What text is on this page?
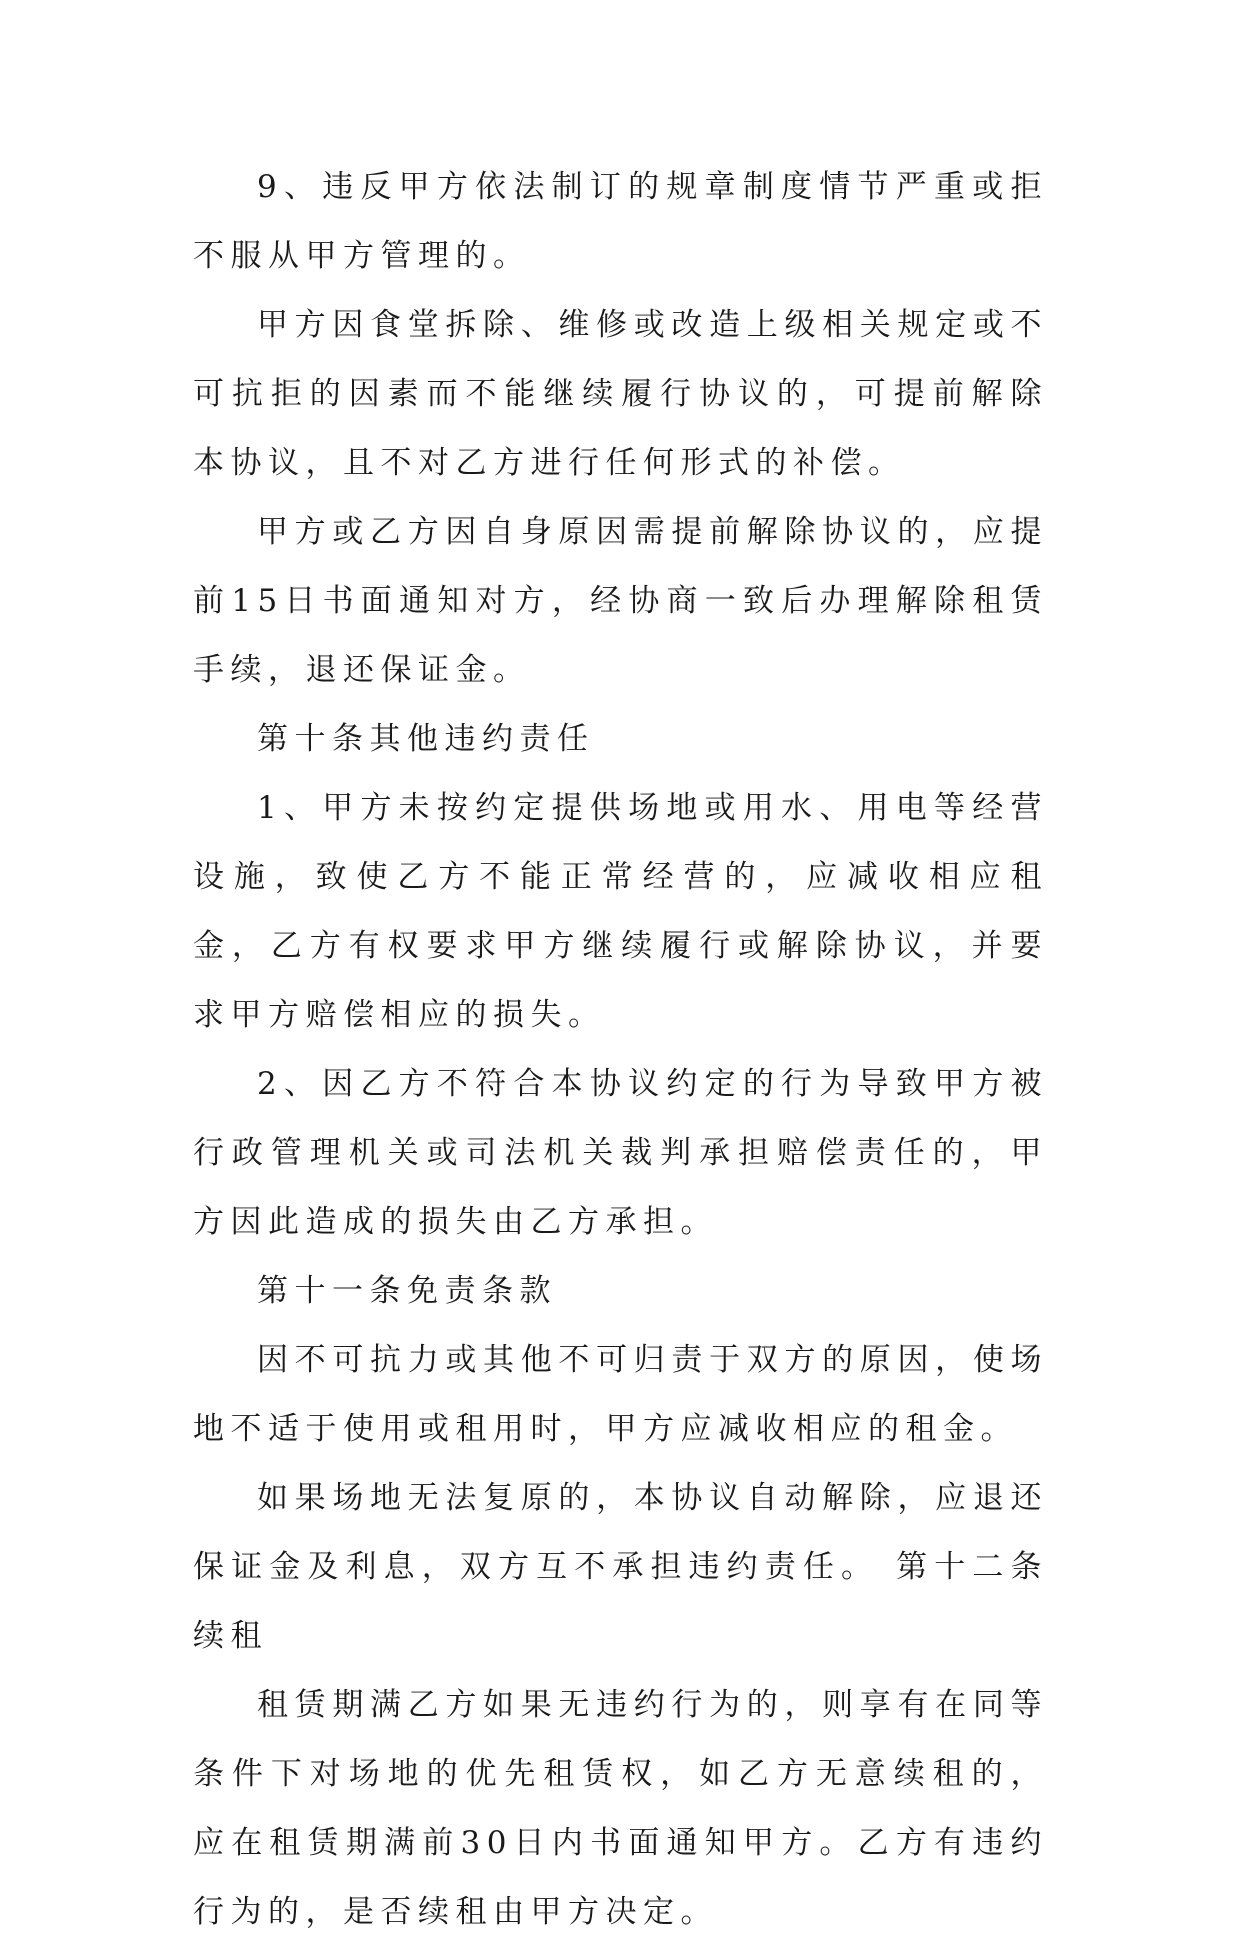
9、违反甲方依法制订的规章制度情节严重或拒不服从甲方管理的。

甲方因食堂拆除、维修或改造上级相关规定或不可抗拒的因素而不能继续履行协议的，可提前解除本协议，且不对乙方进行任何形式的补偿。

甲方或乙方因自身原因需提前解除协议的，应提前15日书面通知对方，经协商一致后办理解除租赁手续，退还保证金。

第十条其他违约责任

1、甲方未按约定提供场地或用水、用电等经营设施，致使乙方不能正常经营的，应减收相应租金，乙方有权要求甲方继续履行或解除协议，并要求甲方赔偿相应的损失。

2、因乙方不符合本协议约定的行为导致甲方被行政管理机关或司法机关裁判承担赔偿责任的，甲方因此造成的损失由乙方承担。

第十一条免责条款

因不可抗力或其他不可归责于双方的原因，使场地不适于使用或租用时，甲方应减收相应的租金。

如果场地无法复原的，本协议自动解除，应退还保证金及利息，双方互不承担违约责任。 第十二条续租

租赁期满乙方如果无违约行为的，则享有在同等条件下对场地的优先租赁权，如乙方无意续租的，应在租赁期满前30日内书面通知甲方。乙方有违约行为的，是否续租由甲方决定。
